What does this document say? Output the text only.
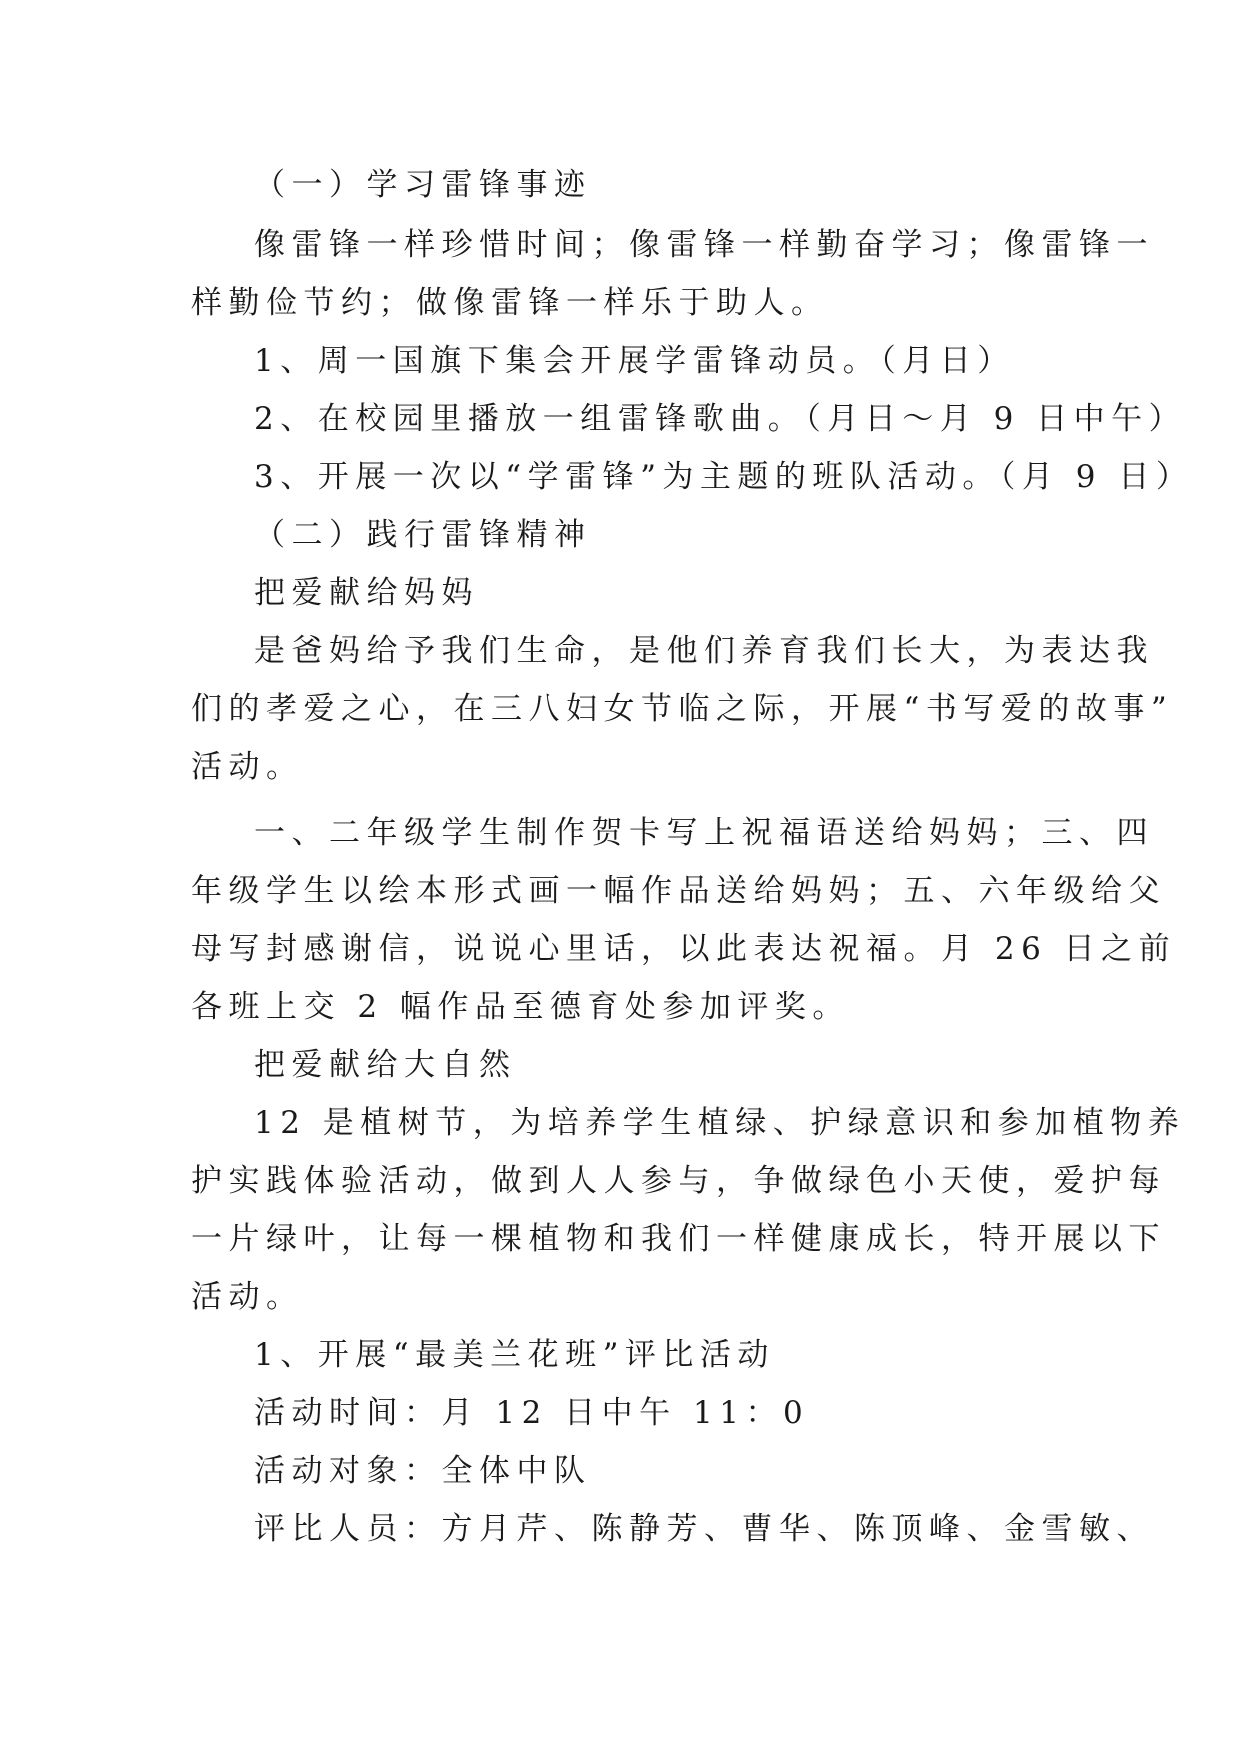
（一）学习雷锋事迹
像雷锋一样珍惜时间；像雷锋一样勤奋学习；像雷锋一
样勤俭节约；做像雷锋一样乐于助人。
1、周一国旗下集会开展学雷锋动员。（月日）
2、在校园里播放一组雷锋歌曲。（月日～月 9 日中午）
3、开展一次以“学雷锋”为主题的班队活动。（月 9 日）
（二）践行雷锋精神
把爱献给妈妈
是爸妈给予我们生命，是他们养育我们长大，为表达我
们的孝爱之心，在三八妇女节临之际，开展“书写爱的故事”
活动。
一、二年级学生制作贺卡写上祝福语送给妈妈；三、四
年级学生以绘本形式画一幅作品送给妈妈；五、六年级给父
母写封感谢信，说说心里话，以此表达祝福。月 26 日之前
各班上交 2 幅作品至德育处参加评奖。
把爱献给大自然
12 是植树节，为培养学生植绿、护绿意识和参加植物养
护实践体验活动，做到人人参与，争做绿色小天使，爱护每
一片绿叶，让每一棵植物和我们一样健康成长，特开展以下
活动。
1、开展“最美兰花班”评比活动
活动时间：月 12 日中午 11：0
活动对象：全体中队
评比人员：方月芹、陈静芳、曹华、陈顶峰、金雪敏、
